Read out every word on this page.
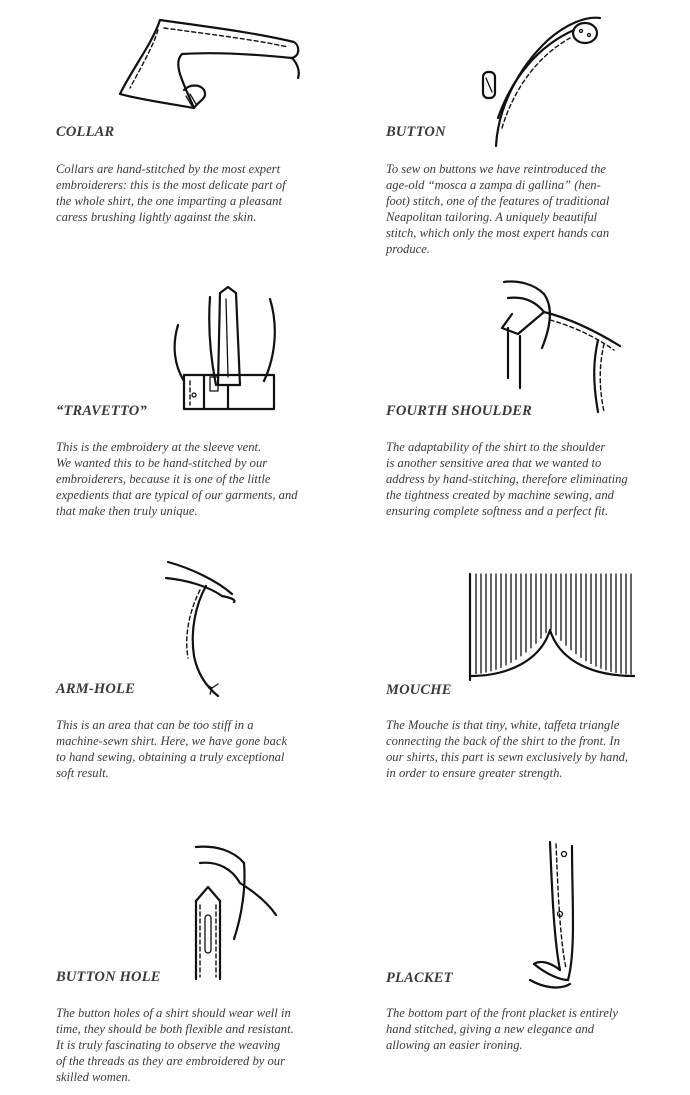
COLLAR

Collars are hand-stitched by the most expert
embroiderers: this is the most delicate part of
the whole shirt, the one imparting a pleasant
caress brushing lightly against the skin.

BUTTON

To sew on buttons we have reintroduced the
age-old “mosca a zampa di gallina” (hen-
foot) stitch, one of the features of traditional
Neapolitan tailoring. A uniquely beautiful
stitch, which only the most expert hands can
produce.

“TRAVETTO”

This is the embroidery at the sleeve vent.
We wanted this to be hand-stitched by our
embroiderers, because it is one of the little
expedients that are typical of our garments, and
that make then truly unique.

FOURTH SHOULDER

The adaptability of the shirt to the shoulder
is another sensitive area that we wanted to
address by hand-stitching, therefore eliminating
the tightness created by machine sewing, and
ensuring complete softness and a perfect fit.

ARM-HOLE

This is an area that can be too stiff in a
machine-sewn shirt. Here, we have gone back
to hand sewing, obtaining a truly exceptional
soft result.

MOUCHE

The Mouche is that tiny, white, taffeta triangle
connecting the back of the shirt to the front. In
our shirts, this part is sewn exclusively by hand,
in order to ensure greater strength.

BUTTON HOLE

The button holes of a shirt should wear well in
time, they should be both flexible and resistant.
It is truly fascinating to observe the weaving
of the threads as they are embroidered by our
skilled women.

PLACKET

The bottom part of the front placket is entirely
hand stitched, giving a new elegance and
allowing an easier ironing.
